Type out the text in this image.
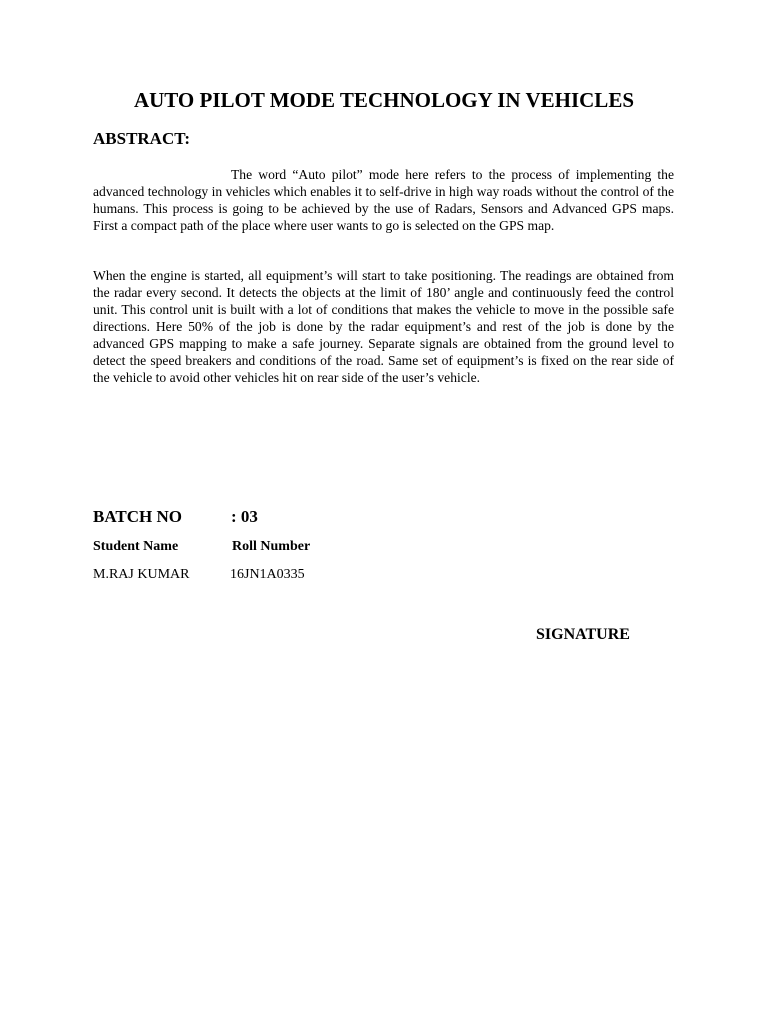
AUTO PILOT MODE TECHNOLOGY IN VEHICLES
ABSTRACT:

The word “Auto pilot” mode here refers to the process of implementing the advanced technology in vehicles which enables it to self-drive in high way roads without the control of the humans. This process is going to be achieved by the use of Radars, Sensors and Advanced GPS maps. First a compact path of the place where user wants to go is selected on the GPS map.

When the engine is started, all equipment’s will start to take positioning. The readings are obtained from the radar every second. It detects the objects at the limit of 180’ angle and continuously feed the control unit. This control unit is built with a lot of conditions that makes the vehicle to move in the possible safe directions. Here 50% of the job is done by the radar equipment’s and rest of the job is done by the advanced GPS mapping to make a safe journey. Separate signals are obtained from the ground level to detect the speed breakers and conditions of the road. Same set of equipment’s is fixed on the rear side of the vehicle to avoid other vehicles hit on rear side of the user’s vehicle.

BATCH NO	: 03
Student Name	Roll Number
M.RAJ KUMAR	16JN1A0335
SIGNATURE
